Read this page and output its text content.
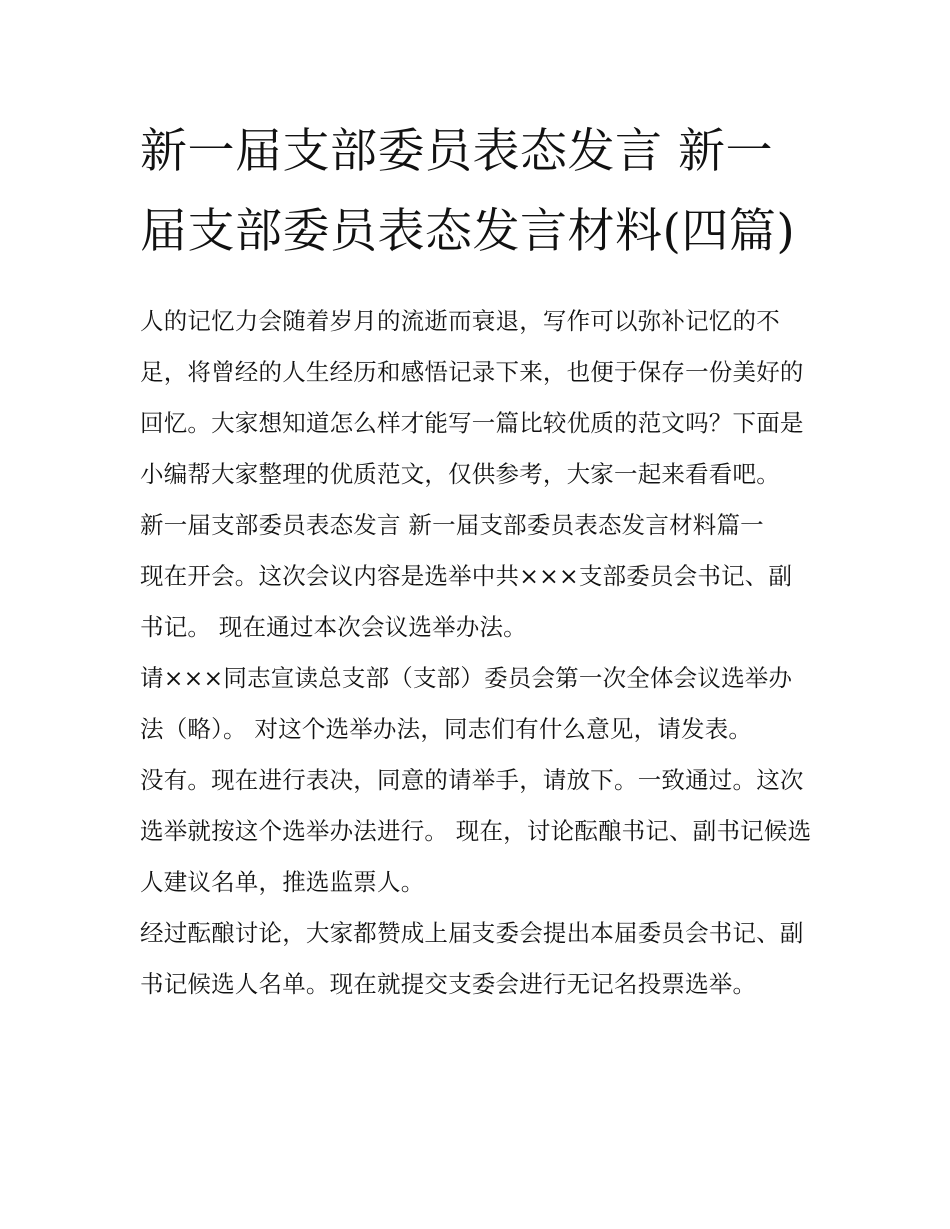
新一届支部委员表态发言 新一届支部委员表态发言材料(四篇)

人的记忆力会随着岁月的流逝而衰退，写作可以弥补记忆的不足，将曾经的人生经历和感悟记录下来，也便于保存一份美好的回忆。大家想知道怎么样才能写一篇比较优质的范文吗？下面是小编帮大家整理的优质范文，仅供参考，大家一起来看看吧。

新一届支部委员表态发言 新一届支部委员表态发言材料篇一

现在开会。这次会议内容是选举中共×××支部委员会书记、副书记。 现在通过本次会议选举办法。

请×××同志宣读总支部（支部）委员会第一次全体会议选举办法（略）。 对这个选举办法，同志们有什么意见，请发表。

没有。现在进行表决，同意的请举手，请放下。一致通过。这次选举就按这个选举办法进行。 现在，讨论酝酿书记、副书记候选人建议名单，推选监票人。

经过酝酿讨论，大家都赞成上届支委会提出本届委员会书记、副书记候选人名单。现在就提交支委会进行无记名投票选举。
